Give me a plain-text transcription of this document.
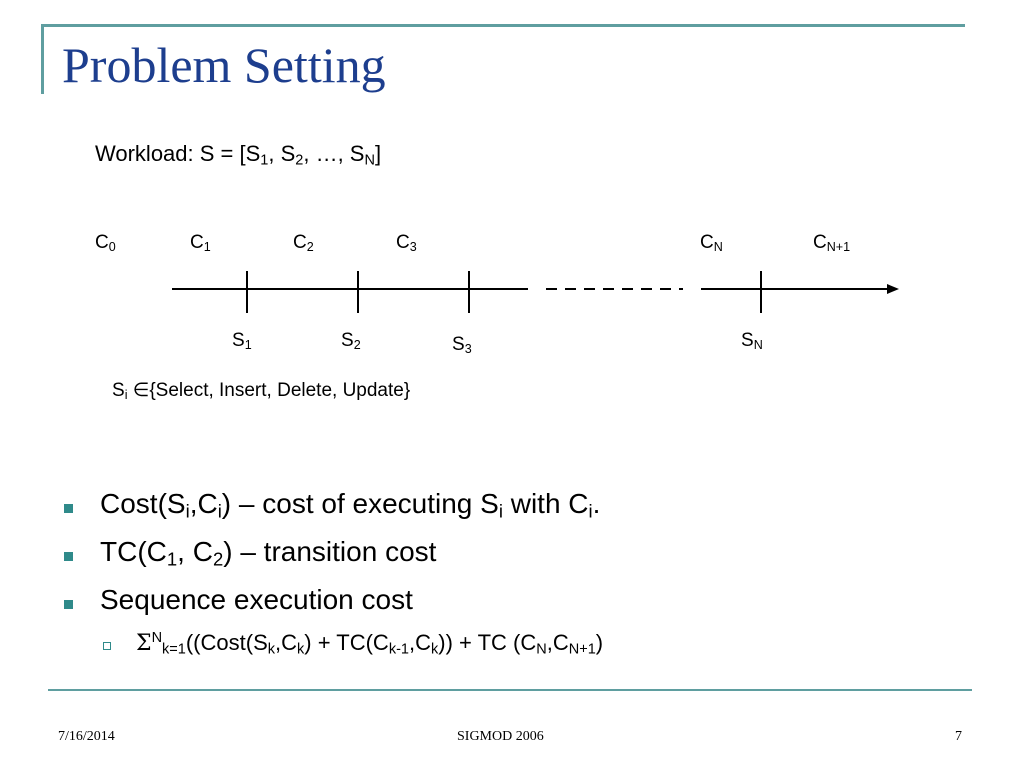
Problem Setting
Workload: $S = [S_1$, $S_2$, …, $S_N$]
$C_0$	$C_1$	$C_2$	$C_3$	$C_N$	$C_{N+1}$
$S_1$	$S_2$	$S_3$	$S_N$
$S_i$ ∈{Select, Insert, Delete, Update}
$Cost(S_i,C_i)$ – cost of executing $S_i$ with $C_i$.
$TC(C_1$, $C_2$) – transition cost
Sequence execution cost
$\Sigma^N_{k=1}((Cost(S_k,C_k) + TC(C_{k-1},C_k))$ + TC $(C_N,C_{N+1})$
7/16/2014	SIGMOD 2006	7
